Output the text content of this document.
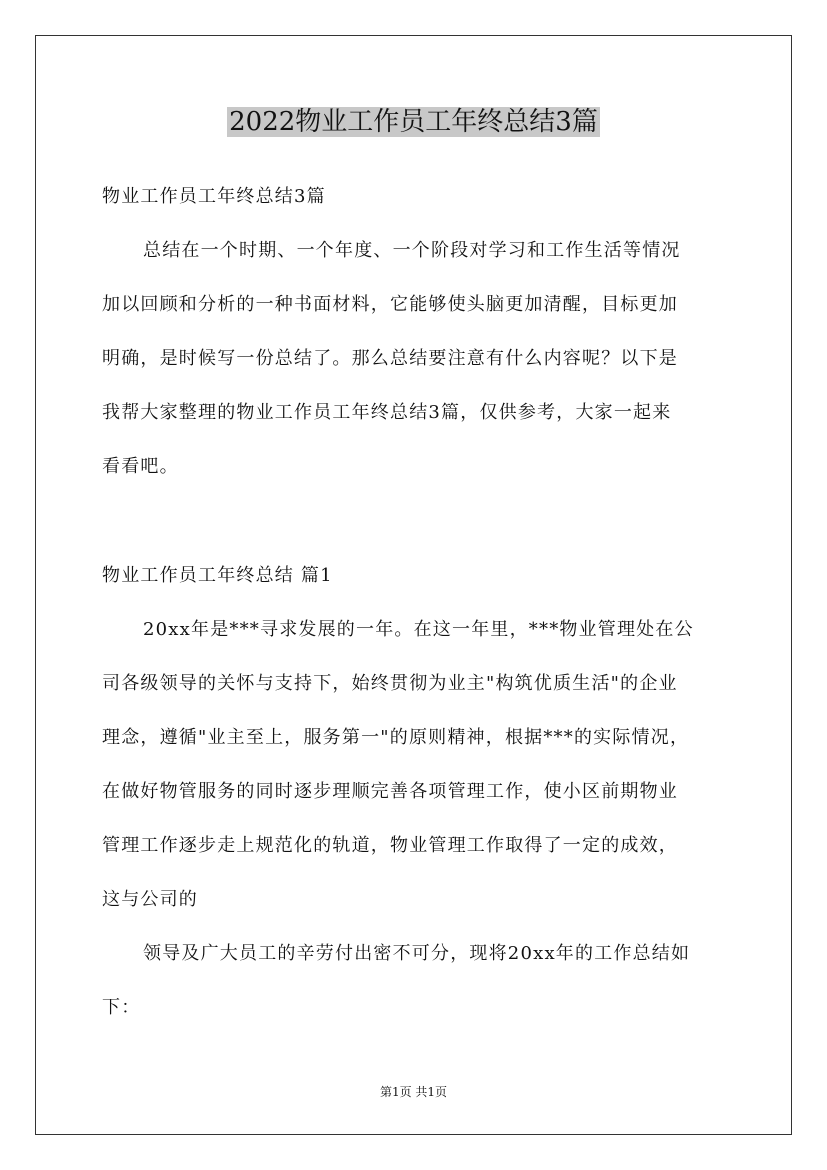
2022物业工作员工年终总结3篇
物业工作员工年终总结3篇
总结在一个时期、一个年度、一个阶段对学习和工作生活等情况
加以回顾和分析的一种书面材料，它能够使头脑更加清醒，目标更加
明确，是时候写一份总结了。那么总结要注意有什么内容呢？以下是
我帮大家整理的物业工作员工年终总结3篇，仅供参考，大家一起来
看看吧。
物业工作员工年终总结 篇1
20xx年是***寻求发展的一年。在这一年里，***物业管理处在公
司各级领导的关怀与支持下，始终贯彻为业主"构筑优质生活"的企业
理念，遵循"业主至上，服务第一"的原则精神，根据***的实际情况，
在做好物管服务的同时逐步理顺完善各项管理工作，使小区前期物业
管理工作逐步走上规范化的轨道，物业管理工作取得了一定的成效，
这与公司的
领导及广大员工的辛劳付出密不可分，现将20xx年的工作总结如
下：
第1页 共1页
